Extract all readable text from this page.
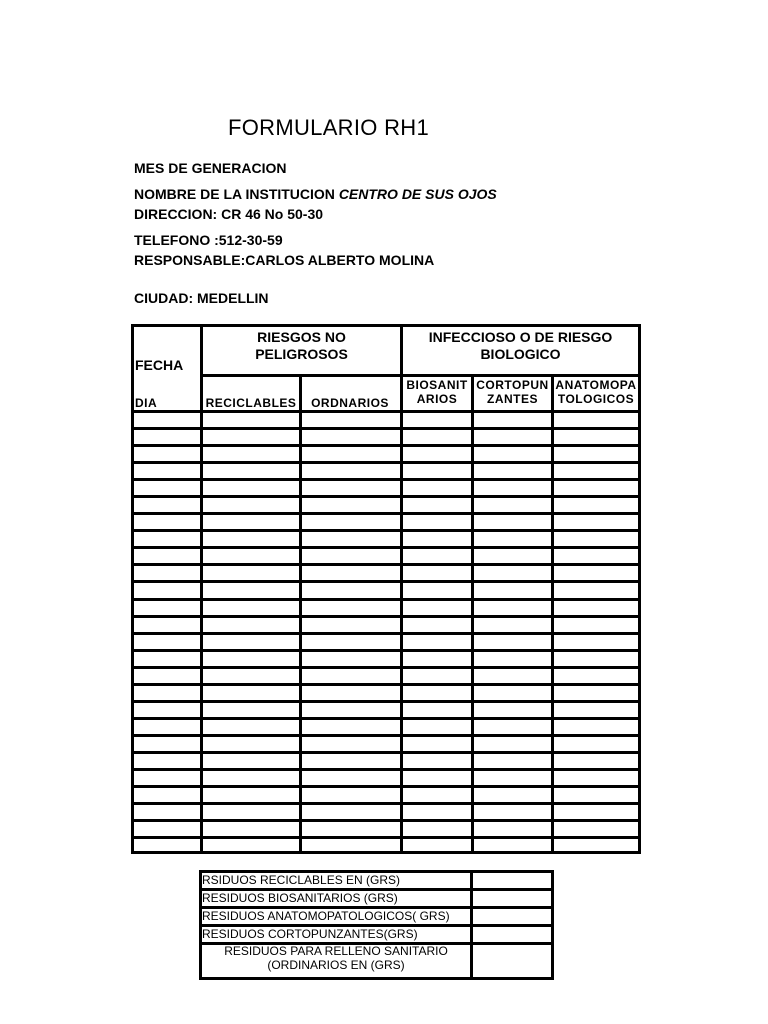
FORMULARIO RH1
MES DE GENERACION
NOMBRE DE LA INSTITUCION CENTRO DE SUS OJOS
DIRECCION: CR 46 No 50-30
TELEFONO :512-30-59
RESPONSABLE:CARLOS ALBERTO MOLINA
CIUDAD: MEDELLIN
FECHA
RIESGOS NO
PELIGROSOS
INFECCIOSO O DE RIESGO
BIOLOGICO
DIA	RECICLABLES	ORDNARIOS
BIOSANIT
ARIOS
CORTOPUN
ZANTES
ANATOMOPA
TOLOGICOS
RSIDUOS RECICLABLES EN (GRS)
RESIDUOS BIOSANITARIOS (GRS)
RESIDUOS ANATOMOPATOLOGICOS( GRS)
RESIDUOS CORTOPUNZANTES(GRS)
RESIDUOS PARA RELLENO SANITARIO
(ORDINARIOS EN (GRS)
